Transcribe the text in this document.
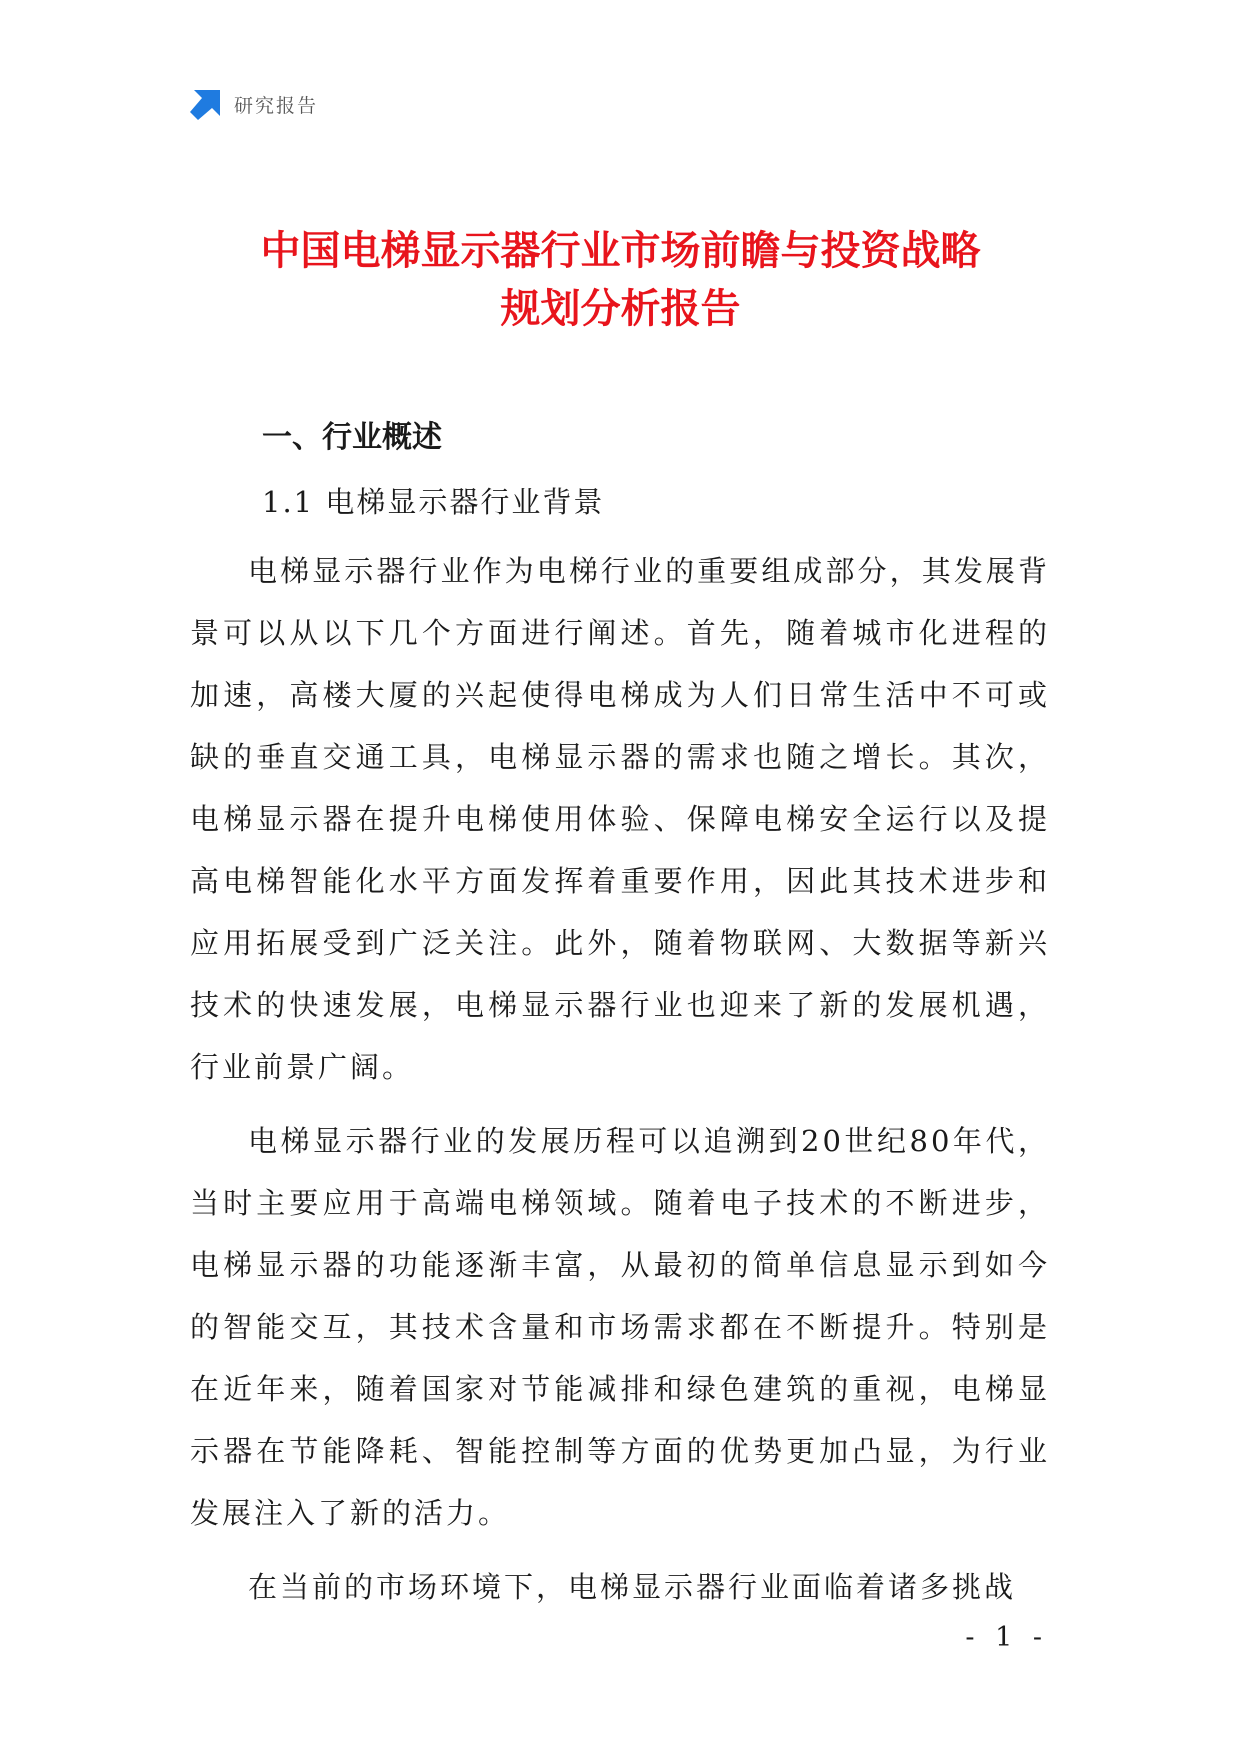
研究报告
中国电梯显示器行业市场前瞻与投资战略
规划分析报告
一、行业概述
1.1 电梯显示器行业背景

电梯显示器行业作为电梯行业的重要组成部分，其发展背景可以从以下几个方面进行阐述。首先，随着城市化进程的加速，高楼大厦的兴起使得电梯成为人们日常生活中不可或缺的垂直交通工具，电梯显示器的需求也随之增长。其次，电梯显示器在提升电梯使用体验、保障电梯安全运行以及提高电梯智能化水平方面发挥着重要作用，因此其技术进步和应用拓展受到广泛关注。此外，随着物联网、大数据等新兴技术的快速发展，电梯显示器行业也迎来了新的发展机遇，行业前景广阔。

电梯显示器行业的发展历程可以追溯到20世纪80年代，当时主要应用于高端电梯领域。随着电子技术的不断进步，电梯显示器的功能逐渐丰富，从最初的简单信息显示到如今的智能交互，其技术含量和市场需求都在不断提升。特别是在近年来，随着国家对节能减排和绿色建筑的重视，电梯显示器在节能降耗、智能控制等方面的优势更加凸显，为行业发展注入了新的活力。

在当前的市场环境下，电梯显示器行业面临着诸多挑战

- 1 -
